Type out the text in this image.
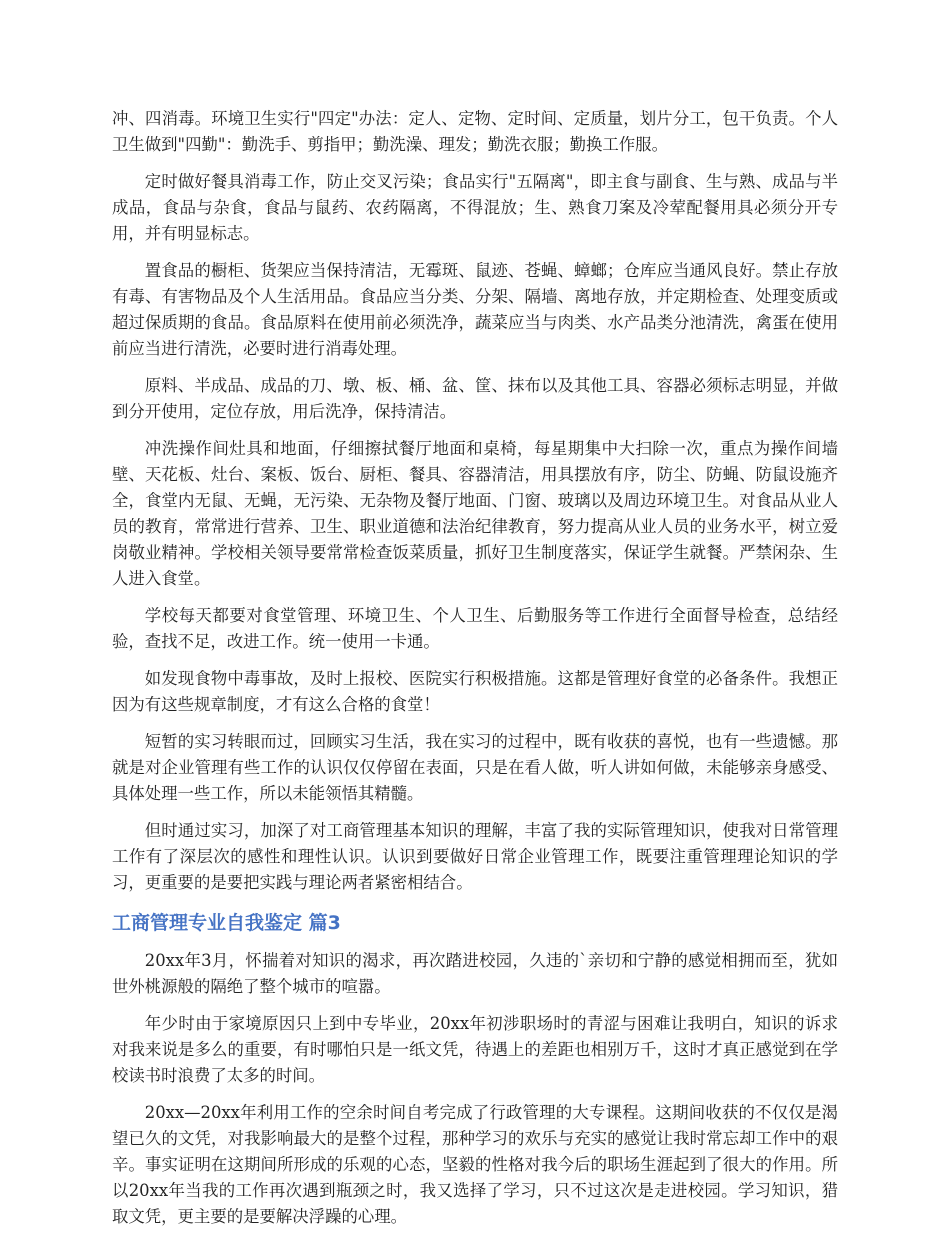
冲、四消毒。环境卫生实行"四定"办法：定人、定物、定时间、定质量，划片分工，包干负责。个人卫生做到"四勤"：勤洗手、剪指甲；勤洗澡、理发；勤洗衣服；勤换工作服。

定时做好餐具消毒工作，防止交叉污染；食品实行"五隔离"，即主食与副食、生与熟、成品与半成品，食品与杂食，食品与鼠药、农药隔离，不得混放；生、熟食刀案及冷荤配餐用具必须分开专用，并有明显标志。

置食品的橱柜、货架应当保持清洁，无霉斑、鼠迹、苍蝇、蟑螂；仓库应当通风良好。禁止存放有毒、有害物品及个人生活用品。食品应当分类、分架、隔墙、离地存放，并定期检查、处理变质或超过保质期的食品。食品原料在使用前必须洗净，蔬菜应当与肉类、水产品类分池清洗，禽蛋在使用前应当进行清洗，必要时进行消毒处理。

原料、半成品、成品的刀、墩、板、桶、盆、筐、抹布以及其他工具、容器必须标志明显，并做到分开使用，定位存放，用后洗净，保持清洁。

冲洗操作间灶具和地面，仔细擦拭餐厅地面和桌椅，每星期集中大扫除一次，重点为操作间墙壁、天花板、灶台、案板、饭台、厨柜、餐具、容器清洁，用具摆放有序，防尘、防蝇、防鼠设施齐全，食堂内无鼠、无蝇，无污染、无杂物及餐厅地面、门窗、玻璃以及周边环境卫生。对食品从业人员的教育，常常进行营养、卫生、职业道德和法治纪律教育，努力提高从业人员的业务水平，树立爱岗敬业精神。学校相关领导要常常检查饭菜质量，抓好卫生制度落实，保证学生就餐。严禁闲杂、生人进入食堂。

学校每天都要对食堂管理、环境卫生、个人卫生、后勤服务等工作进行全面督导检查，总结经验，查找不足，改进工作。统一使用一卡通。

如发现食物中毒事故，及时上报校、医院实行积极措施。这都是管理好食堂的必备条件。我想正因为有这些规章制度，才有这么合格的食堂！

短暂的实习转眼而过，回顾实习生活，我在实习的过程中，既有收获的喜悦，也有一些遗憾。那就是对企业管理有些工作的认识仅仅停留在表面，只是在看人做，听人讲如何做，未能够亲身感受、具体处理一些工作，所以未能领悟其精髓。

但时通过实习，加深了对工商管理基本知识的理解，丰富了我的实际管理知识，使我对日常管理工作有了深层次的感性和理性认识。认识到要做好日常企业管理工作，既要注重管理理论知识的学习，更重要的是要把实践与理论两者紧密相结合。

工商管理专业自我鉴定 篇3

20xx年3月，怀揣着对知识的渴求，再次踏进校园，久违的`亲切和宁静的感觉相拥而至，犹如世外桃源般的隔绝了整个城市的喧嚣。

年少时由于家境原因只上到中专毕业，20xx年初涉职场时的青涩与困难让我明白，知识的诉求对我来说是多么的重要，有时哪怕只是一纸文凭，待遇上的差距也相别万千，这时才真正感觉到在学校读书时浪费了太多的时间。

20xx—20xx年利用工作的空余时间自考完成了行政管理的大专课程。这期间收获的不仅仅是渴望已久的文凭，对我影响最大的是整个过程，那种学习的欢乐与充实的感觉让我时常忘却工作中的艰辛。事实证明在这期间所形成的乐观的心态，坚毅的性格对我今后的职场生涯起到了很大的作用。所以20xx年当我的工作再次遇到瓶颈之时，我又选择了学习，只不过这次是走进校园。学习知识，猎取文凭，更主要的是要解决浮躁的心理。
